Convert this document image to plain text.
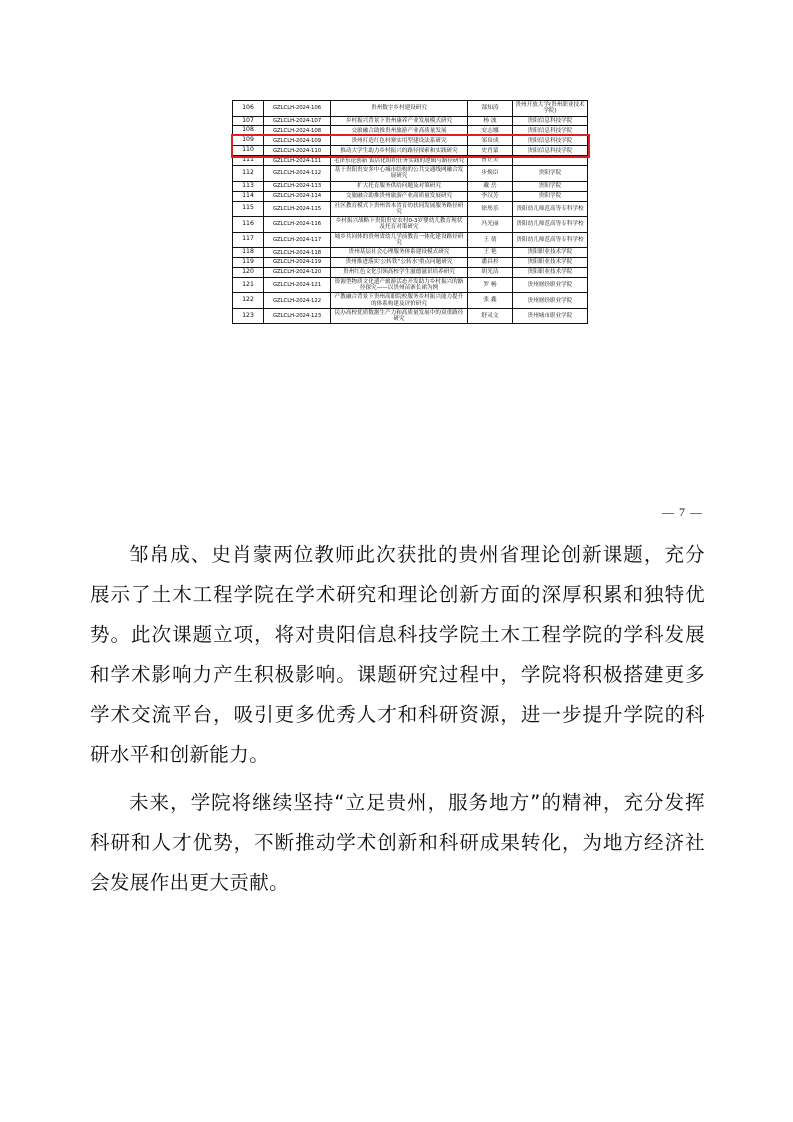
106	GZLCLH-2024-106	贵州数字乡村建设研究	郜知涛	贵州开放大学(贵州职业技术学院)
107	GZLCLH-2024-107	乡村振兴背景下贵州康养产业发展模式研究	杨 波	贵阳信息科技学院
108	GZLCLH-2024-108	交旅融合助推贵州旅游产业高质量发展	安志娜	贵阳信息科技学院
109	GZLCLH-2024-109	贵州打造红色村寨实用型建设法系研究	邹帛成	贵阳信息科技学院
110	GZLCLH-2024-110	推动大学生助力乡村振兴的路径探索和实践研究	史肖蒙	贵阳信息科技学院
111	GZLCLH-2024-111	毛泽东论创新 饭店化组织任务实践的逻辑与路径研究	曹正美	
112	GZLCLH-2024-112	基于贵阳贵安多中心城市结构的公共交通线网融合发展研究	步焕臣	贵阳学院
113	GZLCLH-2024-113	扩大托育服务供给问题及对策研究	戴 岳	贵阳学院
114	GZLCLH-2024-114	交旅融合助推贵州旅游产业高质量发展研究	李汉芳	贵阳学院
115	GZLCLH-2024-115	社区教育模式下贵州省本省育幼扶同发展服务路径研究	徐彤乐	贵阳幼儿师范高等专科学校
116	GZLCLH-2024-116	乡村振兴战略下贵阳贵安农村0-3岁婴幼儿教育现状及托育对策研究	冯光丽	贵阳幼儿师范高等专科学校
117	GZLCLH-2024-117	城乡共同体的贵州省幼儿学前教育一体化建设路径研究	王 倩	贵阳幼儿师范高等专科学校
118	GZLCLH-2024-118	贵州基层社会心理服务体系建设模式研究	王 艳	贵阳职业技术学院
119	GZLCLH-2024-119	贵州推进落实'公转铁''公转水'重点问题研究	潘昌杉	贵阳职业技术学院
120	GZLCLH-2024-120	贵州红色文化引领高校学生滋德滋识培养研究	胡光洁	贵阳职业技术学院
121	GZLCLH-2024-121	资源型物质文化遗产旅游活态开发助力乡村振兴的路径探究——以贵州苗寨长裙为例	罗 畅	贵州财经职业学院
122	GZLCLH-2024-122	产教融合背景下贵州高职院校服务乡村振兴能力提升的体系构建及评价研究	张 鑫	贵州财经职业学院
123	GZLCLH-2024-123	民办高校优质数据生产力和高质量发展中的双重路径研究	舒灵文	贵州城市职业学院
— 7 —

邹帛成、史肖蒙两位教师此次获批的贵州省理论创新课题，充分展示了土木工程学院在学术研究和理论创新方面的深厚积累和独特优势。此次课题立项，将对贵阳信息科技学院土木工程学院的学科发展和学术影响力产生积极影响。课题研究过程中，学院将积极搭建更多学术交流平台，吸引更多优秀人才和科研资源，进一步提升学院的科研水平和创新能力。

未来，学院将继续坚持“立足贵州，服务地方”的精神，充分发挥科研和人才优势，不断推动学术创新和科研成果转化，为地方经济社会发展作出更大贡献。
